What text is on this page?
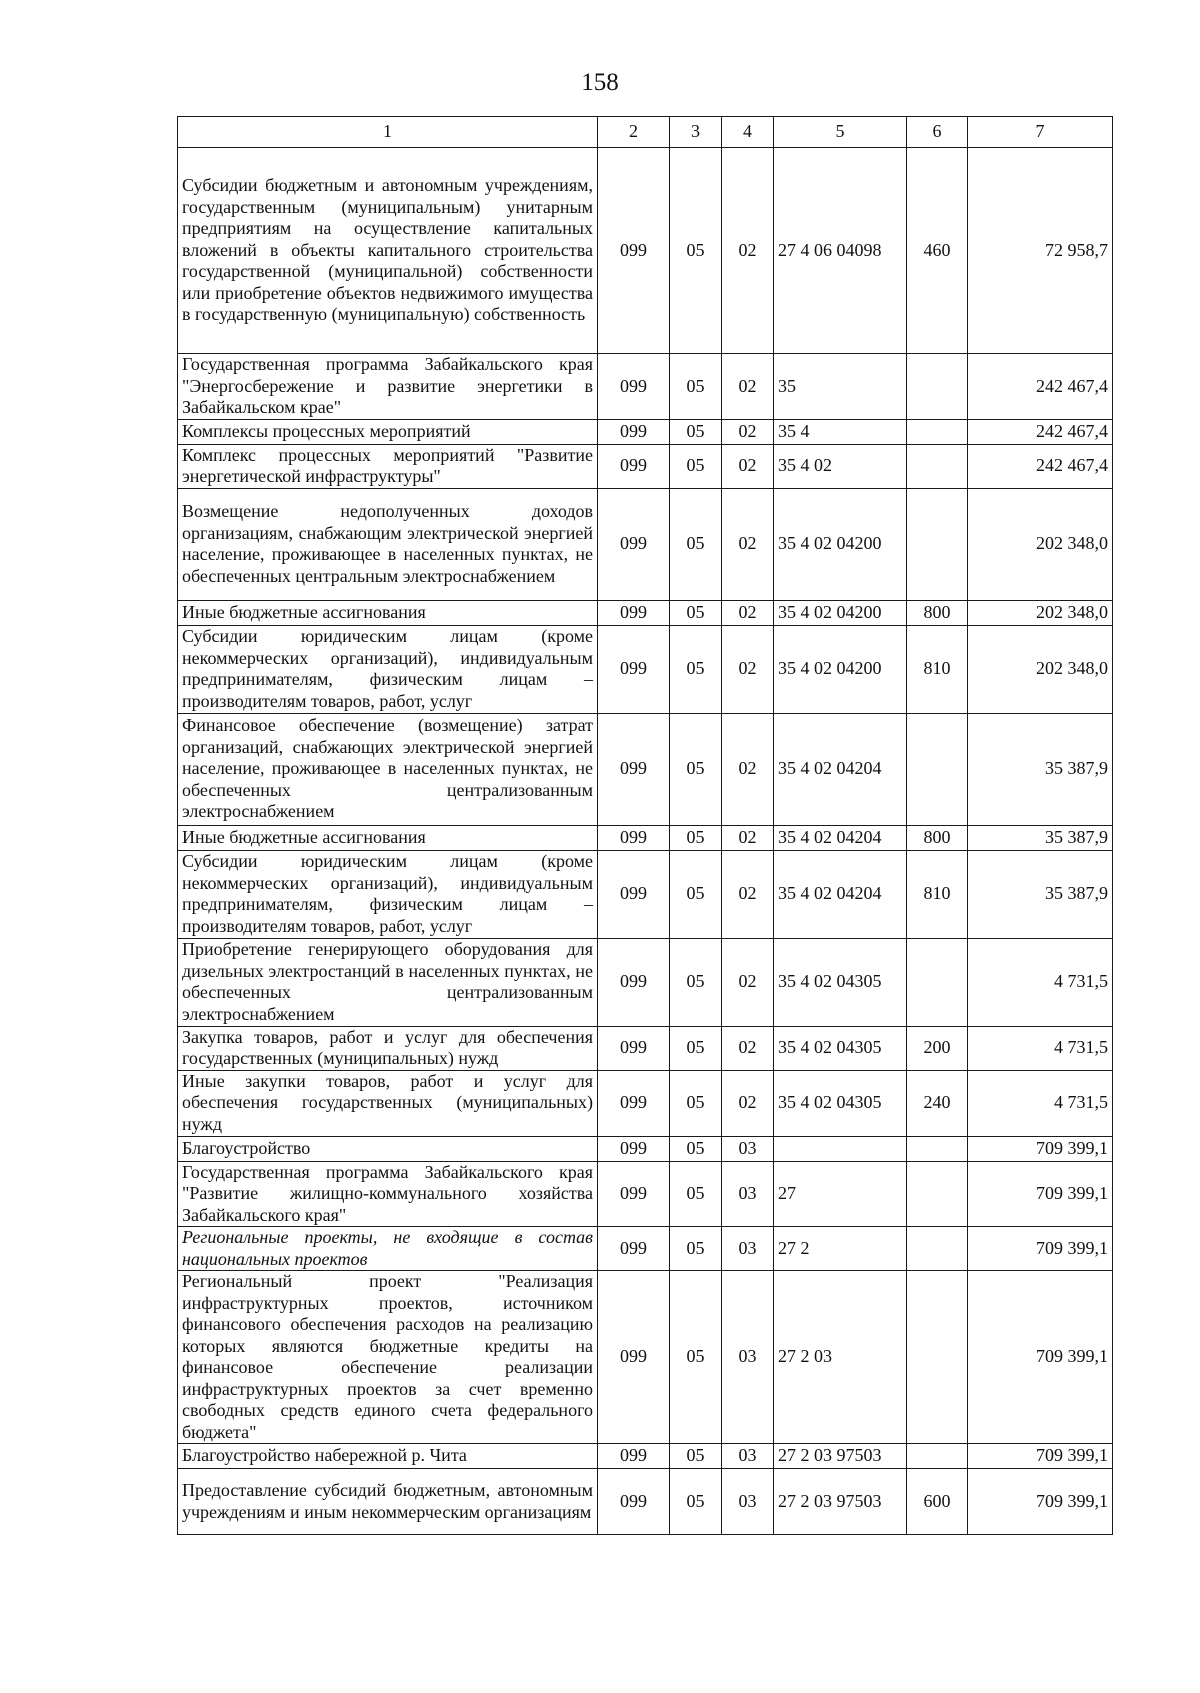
158
1	2	3	4	5	6	7
Субсидии бюджетным и автономным учреждениям, государственным (муниципальным) унитарным предприятиям на осуществление капитальных вложений в объекты капитального строительства государственной (муниципальной) собственности или приобретение объектов недвижимого имущества в государственную (муниципальную) собственность	099	05	02	27 4 06 04098	460	72 958,7
Государственная программа Забайкальского края "Энергосбережение и развитие энергетики в Забайкальском крае"	099	05	02	35		242 467,4
Комплексы процессных мероприятий	099	05	02	35 4		242 467,4
Комплекс процессных мероприятий "Развитие энергетической инфраструктуры"	099	05	02	35 4 02		242 467,4
Возмещение недополученных доходов организациям, снабжающим электрической энергией население, проживающее в населенных пунктах, не обеспеченных центральным электроснабжением	099	05	02	35 4 02 04200		202 348,0
Иные бюджетные ассигнования	099	05	02	35 4 02 04200	800	202 348,0
Субсидии юридическим лицам (кроме некоммерческих организаций), индивидуальным предпринимателям, физическим лицам – производителям товаров, работ, услуг	099	05	02	35 4 02 04200	810	202 348,0
Финансовое обеспечение (возмещение) затрат организаций, снабжающих электрической энергией население, проживающее в населенных пунктах, не обеспеченных централизованным электроснабжением	099	05	02	35 4 02 04204		35 387,9
Иные бюджетные ассигнования	099	05	02	35 4 02 04204	800	35 387,9
Субсидии юридическим лицам (кроме некоммерческих организаций), индивидуальным предпринимателям, физическим лицам – производителям товаров, работ, услуг	099	05	02	35 4 02 04204	810	35 387,9
Приобретение генерирующего оборудования для дизельных электростанций в населенных пунктах, не обеспеченных централизованным электроснабжением	099	05	02	35 4 02 04305		4 731,5
Закупка товаров, работ и услуг для обеспечения государственных (муниципальных) нужд	099	05	02	35 4 02 04305	200	4 731,5
Иные закупки товаров, работ и услуг для обеспечения государственных (муниципальных) нужд	099	05	02	35 4 02 04305	240	4 731,5
Благоустройство	099	05	03			709 399,1
Государственная программа Забайкальского края "Развитие жилищно-коммунального хозяйства Забайкальского края"	099	05	03	27		709 399,1
Региональные проекты, не входящие в состав национальных проектов	099	05	03	27 2		709 399,1
Региональный проект "Реализация инфраструктурных проектов, источником финансового обеспечения расходов на реализацию которых являются бюджетные кредиты на финансовое обеспечение реализации инфраструктурных проектов за счет временно свободных средств единого счета федерального бюджета"	099	05	03	27 2 03		709 399,1
Благоустройство набережной р. Чита	099	05	03	27 2 03 97503		709 399,1
Предоставление субсидий бюджетным, автономным учреждениям и иным некоммерческим организациям	099	05	03	27 2 03 97503	600	709 399,1
